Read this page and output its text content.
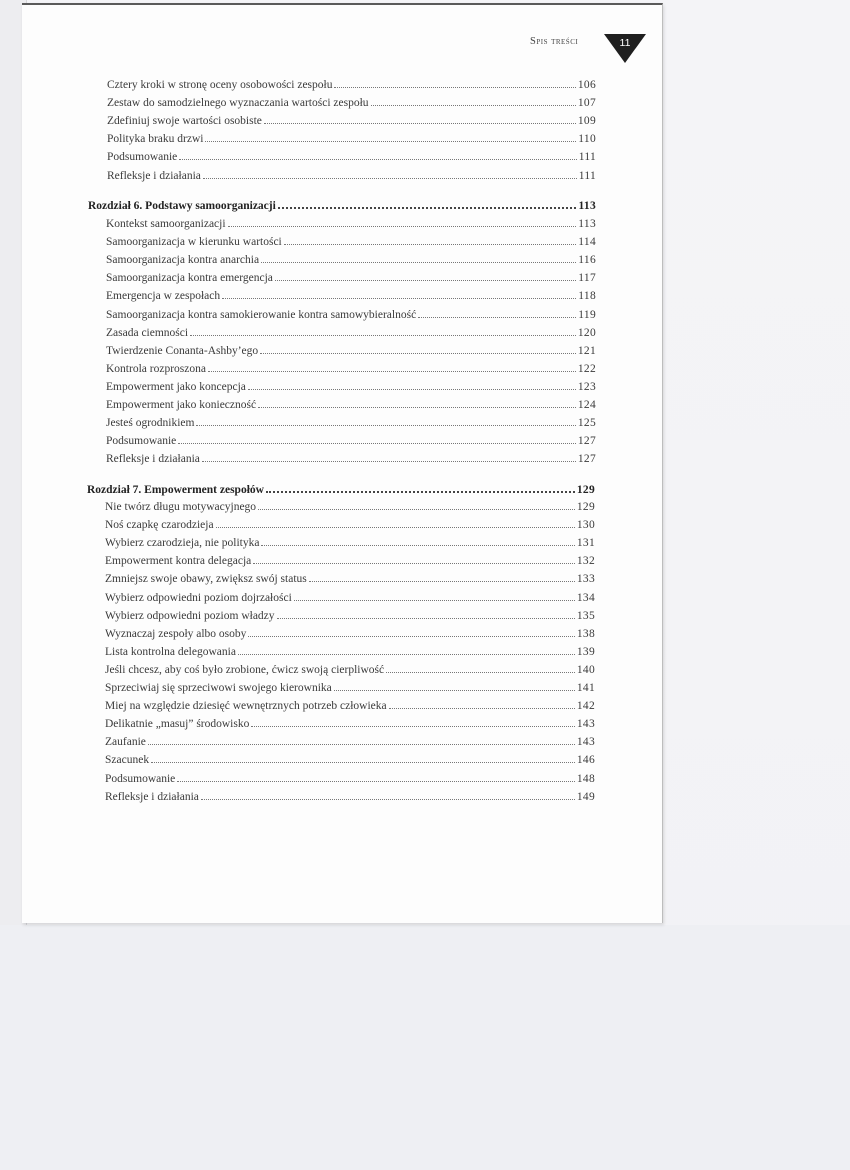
Spis treści	11
Cztery kroki w stronę oceny osobowości zespołu	106
Zestaw do samodzielnego wyznaczania wartości zespołu	107
Zdefiniuj swoje wartości osobiste	109
Polityka braku drzwi	110
Podsumowanie	111
Refleksje i działania	111
Rozdział 6. Podstawy samoorganizacji	113
Kontekst samoorganizacji	113
Samoorganizacja w kierunku wartości	114
Samoorganizacja kontra anarchia	116
Samoorganizacja kontra emergencja	117
Emergencja w zespołach	118
Samoorganizacja kontra samokierowanie kontra samowybieralność	119
Zasada ciemności	120
Twierdzenie Conanta-Ashby’ego	121
Kontrola rozproszona	122
Empowerment jako koncepcja	123
Empowerment jako konieczność	124
Jesteś ogrodnikiem	125
Podsumowanie	127
Refleksje i działania	127
Rozdział 7. Empowerment zespołów	129
Nie twórz długu motywacyjnego	129
Noś czapkę czarodzieja	130
Wybierz czarodzieja, nie polityka	131
Empowerment kontra delegacja	132
Zmniejsz swoje obawy, zwiększ swój status	133
Wybierz odpowiedni poziom dojrzałości	134
Wybierz odpowiedni poziom władzy	135
Wyznaczaj zespoły albo osoby	138
Lista kontrolna delegowania	139
Jeśli chcesz, aby coś było zrobione, ćwicz swoją cierpliwość	140
Sprzeciwiaj się sprzeciwowi swojego kierownika	141
Miej na względzie dziesięć wewnętrznych potrzeb człowieka	142
Delikatnie „masuj” środowisko	143
Zaufanie	143
Szacunek	146
Podsumowanie	148
Refleksje i działania	149
